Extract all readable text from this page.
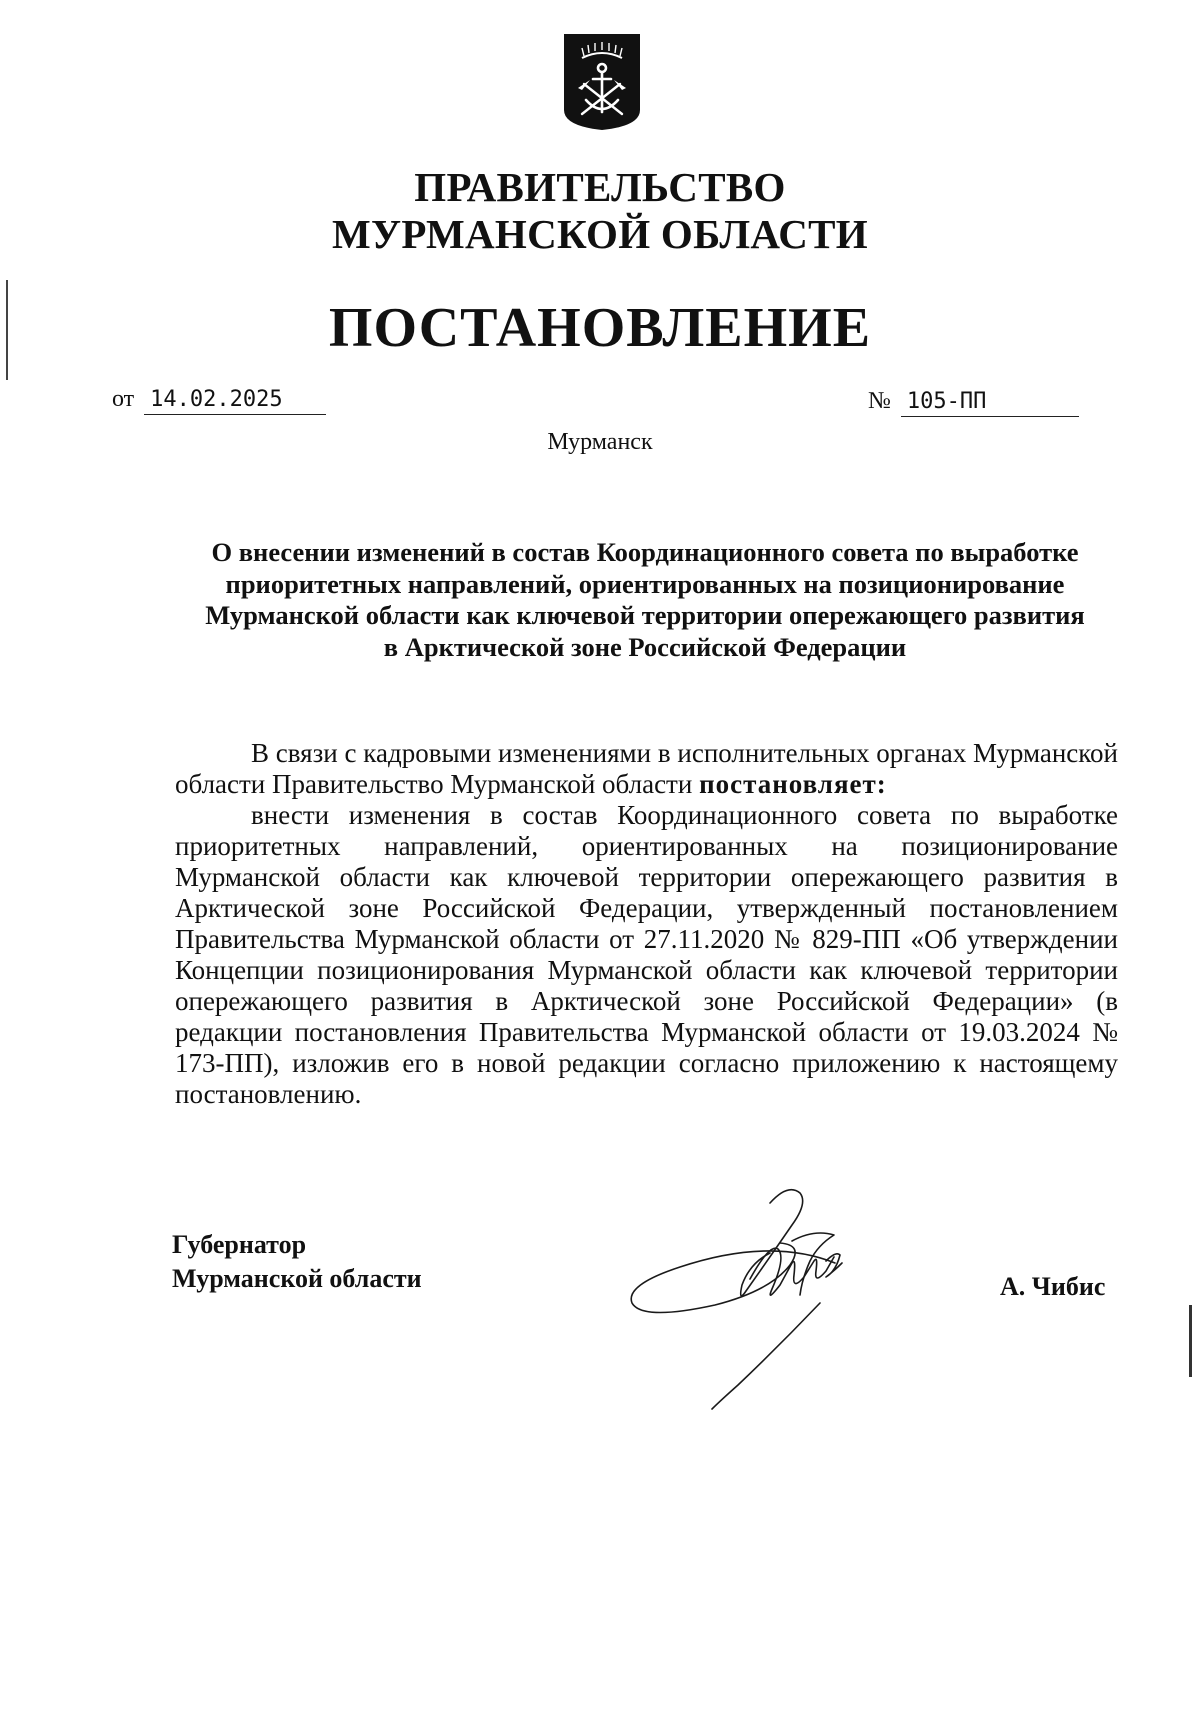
ПРАВИТЕЛЬСТВО
МУРМАНСКОЙ ОБЛАСТИ
ПОСТАНОВЛЕНИЕ
от 14.02.2025	№ 105-ПП
Мурманск
О внесении изменений в состав Координационного совета по выработке
приоритетных направлений, ориентированных на позиционирование
Мурманской области как ключевой территории опережающего развития
в Арктической зоне Российской Федерации

В связи с кадровыми изменениями в исполнительных органах Мурманской области Правительство Мурманской области постановляет:

внести изменения в состав Координационного совета по выработке приоритетных направлений, ориентированных на позиционирование Мурманской области как ключевой территории опережающего развития в Арктической зоне Российской Федерации, утвержденный постановлением Правительства Мурманской области от 27.11.2020 № 829-ПП «Об утверждении Концепции позиционирования Мурманской области как ключевой территории опережающего развития в Арктической зоне Российской Федерации» (в редакции постановления Правительства Мурманской области от 19.03.2024 № 173-ПП), изложив его в новой редакции согласно приложению к настоящему постановлению.

Губернатор
Мурманской области	А. Чибис
